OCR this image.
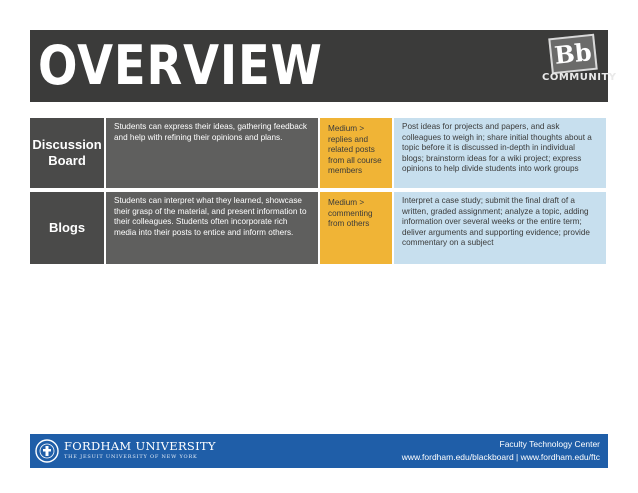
OVERVIEW	Bb
COMMUNITY
Discussion Board
Students can express their ideas, gathering feedback and help with refining their opinions and plans.
Medium > replies and related posts from all course members
Post ideas for projects and papers, and ask colleagues to weigh in; share initial thoughts about a topic before it is discussed in-depth in individual blogs; brainstorm ideas for a wiki project; express opinions to help divide students into work groups
Blogs
Students can interpret what they learned, showcase their grasp of the material, and present information to their colleagues. Students often incorporate rich media into their posts to entice and inform others.
Medium > commenting from others
Interpret a case study; submit the final draft of a written, graded assignment; analyze a topic, adding information over several weeks or the entire term; deliver arguments and supporting evidence; provide commentary on a subject
FORDHAM UNIVERSITY
THE JESUIT UNIVERSITY OF NEW YORK
Faculty Technology Center
www.fordham.edu/blackboard | www.fordham.edu/ftc
